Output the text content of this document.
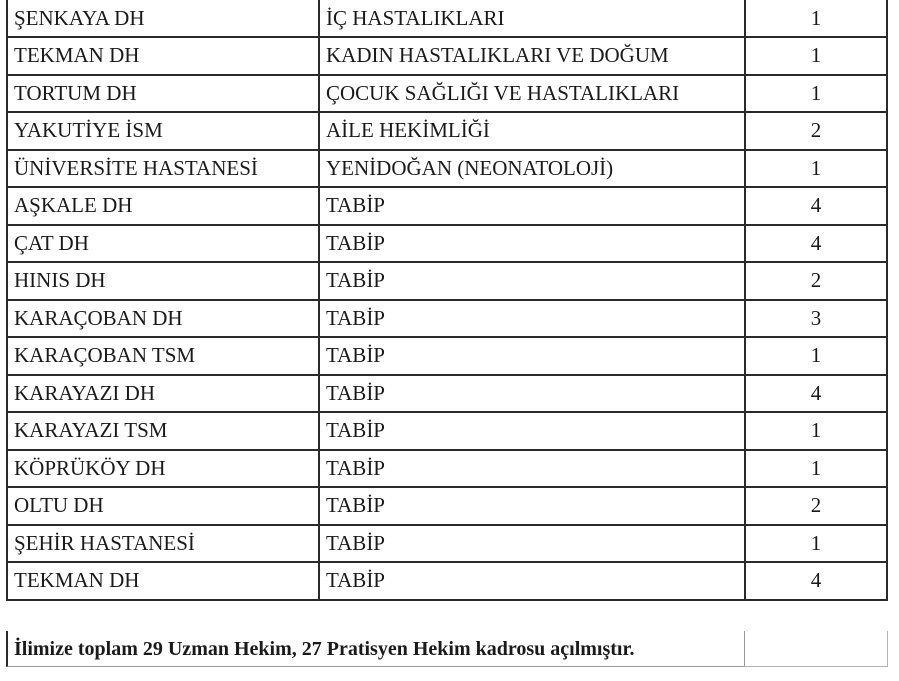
ŞENKAYA DH	İÇ HASTALIKLARI	1
TEKMAN DH	KADIN HASTALIKLARI VE DOĞUM	1
TORTUM DH	ÇOCUK SAĞLIĞI VE HASTALIKLARI	1
YAKUTİYE İSM	AİLE HEKİMLİĞİ	2
ÜNİVERSİTE HASTANESİ	YENİDOĞAN (NEONATOLOJİ)	1
AŞKALE DH	TABİP	4
ÇAT DH	TABİP	4
HINIS DH	TABİP	2
KARAÇOBAN DH	TABİP	3
KARAÇOBAN TSM	TABİP	1
KARAYAZI DH	TABİP	4
KARAYAZI TSM	TABİP	1
KÖPRÜKÖY DH	TABİP	1
OLTU DH	TABİP	2
ŞEHİR HASTANESİ	TABİP	1
TEKMAN DH	TABİP	4
İlimize toplam 29 Uzman Hekim, 27 Pratisyen Hekim kadrosu açılmıştır.
